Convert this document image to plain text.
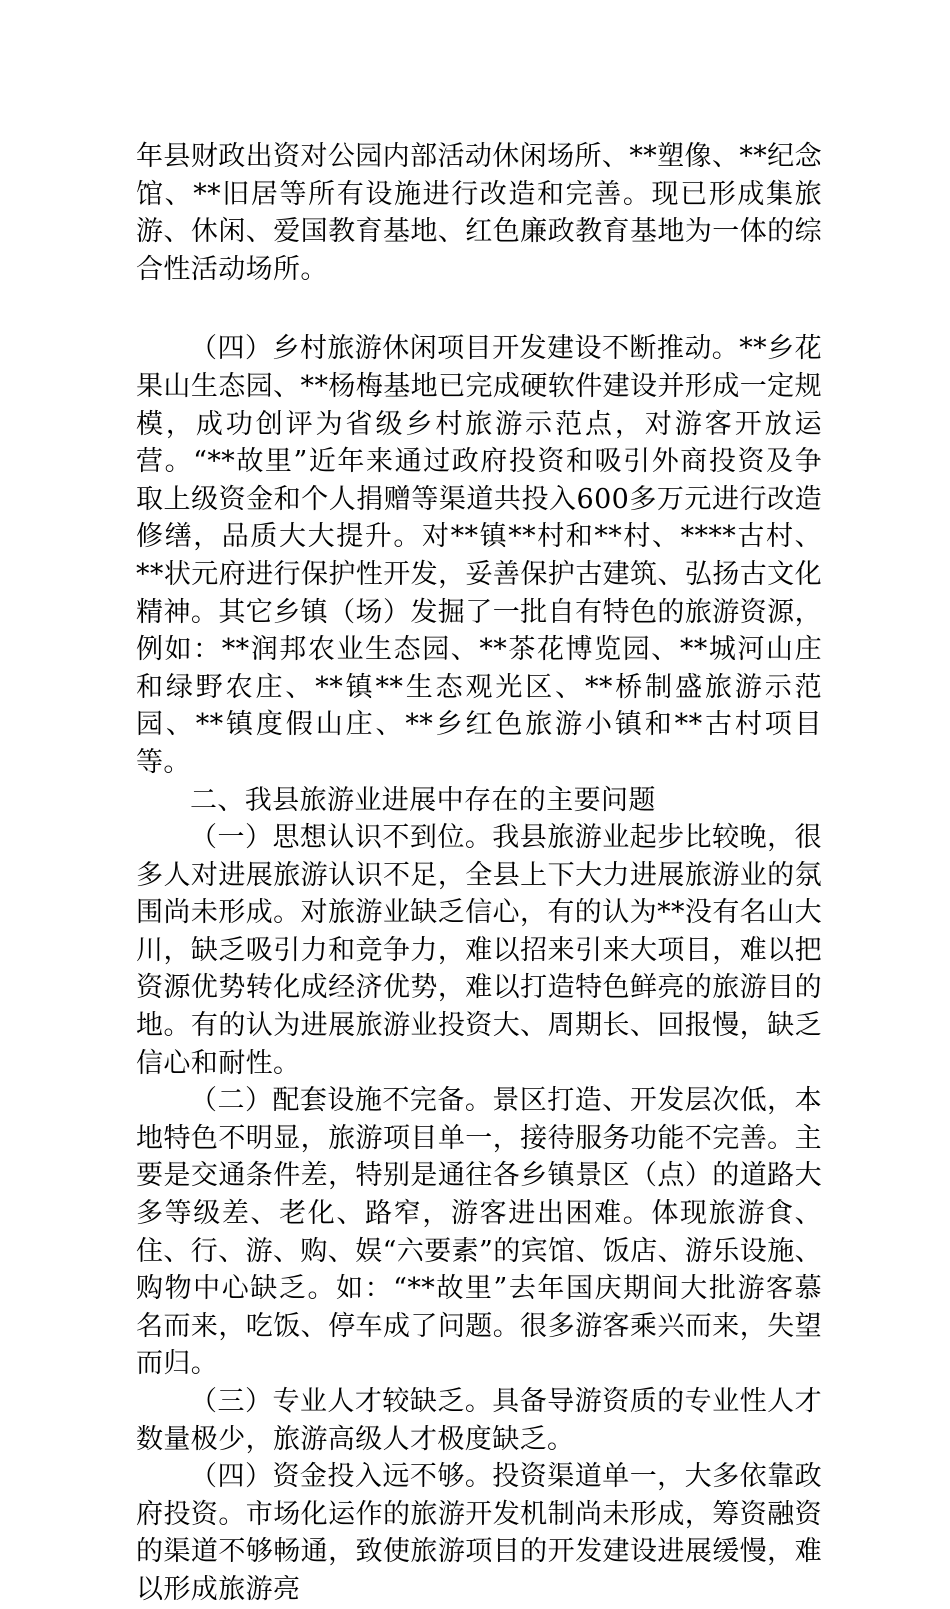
年县财政出资对公园内部活动休闲场所、**塑像、**纪念馆、**旧居等所有设施进行改造和完善。现已形成集旅游、休闲、爱国教育基地、红色廉政教育基地为一体的综合性活动场所。

（四）乡村旅游休闲项目开发建设不断推动。**乡花果山生态园、**杨梅基地已完成硬软件建设并形成一定规模，成功创评为省级乡村旅游示范点，对游客开放运营。“**故里”近年来通过政府投资和吸引外商投资及争取上级资金和个人捐赠等渠道共投入600多万元进行改造修缮，品质大大提升。对**镇**村和**村、****古村、**状元府进行保护性开发，妥善保护古建筑、弘扬古文化精神。其它乡镇（场）发掘了一批自有特色的旅游资源，例如：**润邦农业生态园、**茶花博览园、**城河山庄和绿野农庄、**镇**生态观光区、**桥制盛旅游示范园、**镇度假山庄、**乡红色旅游小镇和**古村项目等。

二、我县旅游业进展中存在的主要问题

（一）思想认识不到位。我县旅游业起步比较晚，很多人对进展旅游认识不足，全县上下大力进展旅游业的氛围尚未形成。对旅游业缺乏信心，有的认为**没有名山大川，缺乏吸引力和竞争力，难以招来引来大项目，难以把资源优势转化成经济优势，难以打造特色鲜亮的旅游目的地。有的认为进展旅游业投资大、周期长、回报慢，缺乏信心和耐性。

（二）配套设施不完备。景区打造、开发层次低，本地特色不明显，旅游项目单一，接待服务功能不完善。主要是交通条件差，特别是通往各乡镇景区（点）的道路大多等级差、老化、路窄，游客进出困难。体现旅游食、住、行、游、购、娱“六要素”的宾馆、饭店、游乐设施、购物中心缺乏。如：“**故里”去年国庆期间大批游客慕名而来，吃饭、停车成了问题。很多游客乘兴而来，失望而归。

（三）专业人才较缺乏。具备导游资质的专业性人才数量极少，旅游高级人才极度缺乏。

（四）资金投入远不够。投资渠道单一，大多依靠政府投资。市场化运作的旅游开发机制尚未形成，筹资融资的渠道不够畅通，致使旅游项目的开发建设进展缓慢，难以形成旅游亮
